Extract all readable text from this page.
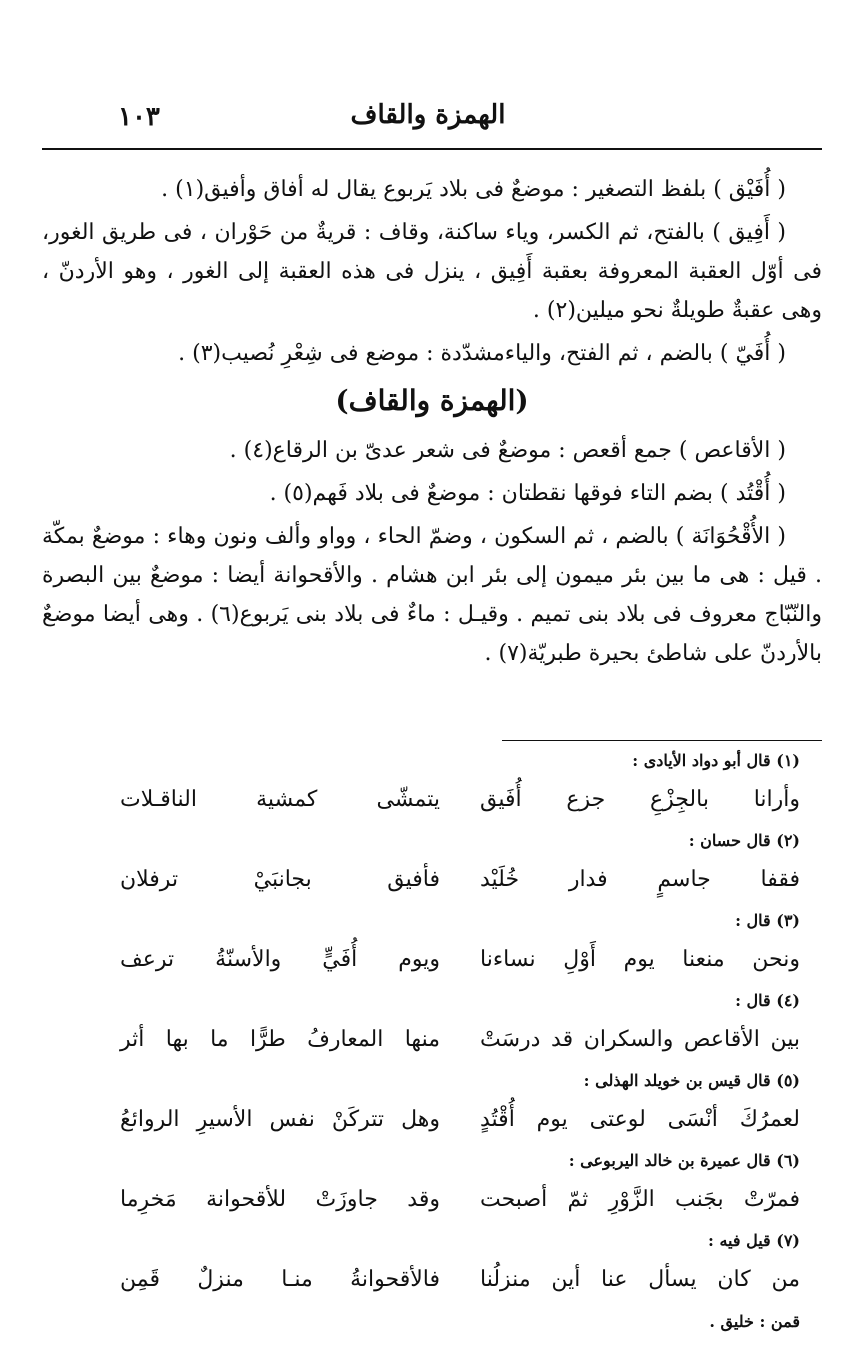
الهمزة والقاف
١٠٣

( أُفَيْق ) بلفظ التصغير : موضعٌ فى بلاد يَربوع يقال له أفاق وأفيق(١) .

( أَفِيق ) بالفتح، ثم الكسر، وياء ساكنة، وقاف : قريةٌ من حَوْران ، فى طريق الغور، فى أوّل العقبة المعروفة بعقبة أَفِيق ، ينزل فى هذه العقبة إلى الغور ، وهو الأردنّ ، وهى عقبةٌ طويلةٌ نحو ميلين(٢) .

( أُفَيّ ) بالضم ، ثم الفتح، والياءمشدّدة : موضع فى شِعْرِ نُصيب(٣) .

(الهمزة والقاف)

( الأقاعص ) جمع أقعص : موضعٌ فى شعر عدىّ بن الرقاع(٤) .

( أُقْتُد ) بضم التاء فوقها نقطتان : موضعٌ فى بلاد فَهم(٥) .

( الأُقْحُوَانَة ) بالضم ، ثم السكون ، وضمّ الحاء ، وواو وألف ونون وهاء : موضعٌ بمكّة . قيل : هى ما بين بئر ميمون إلى بئر ابن هشام . والأقحوانة أيضا : موضعٌ بين البصرة والنّبّاج معروف فى بلاد بنى تميم . وقيـل : ماءٌ فى بلاد بنى يَربوع(٦) . وهى أيضا موضعٌ بالأردنّ على شاطئ بحيرة طبريّة(٧) .

(١) قال أبو دواد الأيادى :
وأرانا بالجِزْعِ جزع أُفَيق
يتمشّى كمشية الناقـلات
(٢) قال حسان :
فقفا جاسمٍ فدار خُلَيْد
فأفيق بجانبَيْ ترفلان
(٣) قال :
ونحن منعنا يوم أَوْلِ نساءنا
ويوم أُفَيٍّ والأسنّةُ ترعف
(٤) قال :
بين الأقاعص والسكران قد درسَتْ
منها المعارفُ طرًّا ما بها أثر
(٥) قال قيس بن خويلد الهذلى :
لعمرُكَ أنْسَى لوعتى يوم أُقْتُدٍ
وهل تتركَنْ نفس الأسيرِ الروائعُ
(٦) قال عميرة بن خالد اليربوعى :
فمرّتْ بجَنب الزَّوْرِ ثمّ أصبحت
وقد جاوزَتْ للأقحوانة مَخرِما
(٧) قيل فيه :
من كان يسأل عنا أين منزلُنا
فالأقحوانةُ منـا منزلٌ قَمِن
قمن : خليق .
